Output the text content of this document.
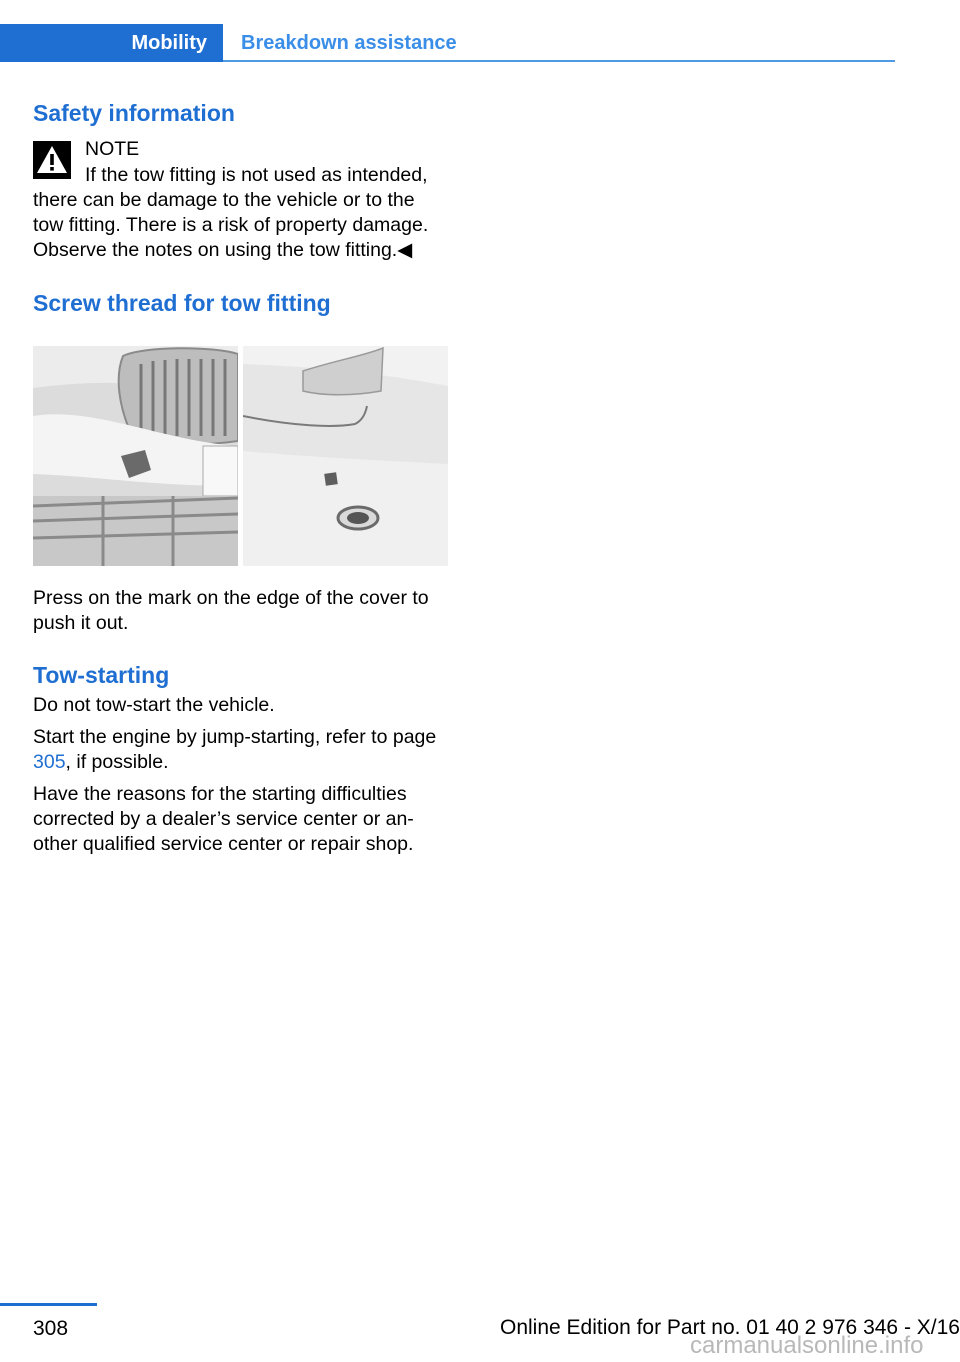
Mobility	Breakdown assistance
Safety information

NOTE

If the tow fitting is not used as intended,

there can be damage to the vehicle or to the tow fitting. There is a risk of property damage. Observe the notes on using the tow fitting.◀

Screw thread for tow fitting

Press on the mark on the edge of the cover to push it out.

Tow-starting

Do not tow-start the vehicle.

Start the engine by jump-starting, refer to page 305, if possible.

Have the reasons for the starting difficulties corrected by a dealer’s service center or an-other qualified service center or repair shop.

308	Online Edition for Part no. 01 40 2 976 346 - X/16
carmanualsonline.info
